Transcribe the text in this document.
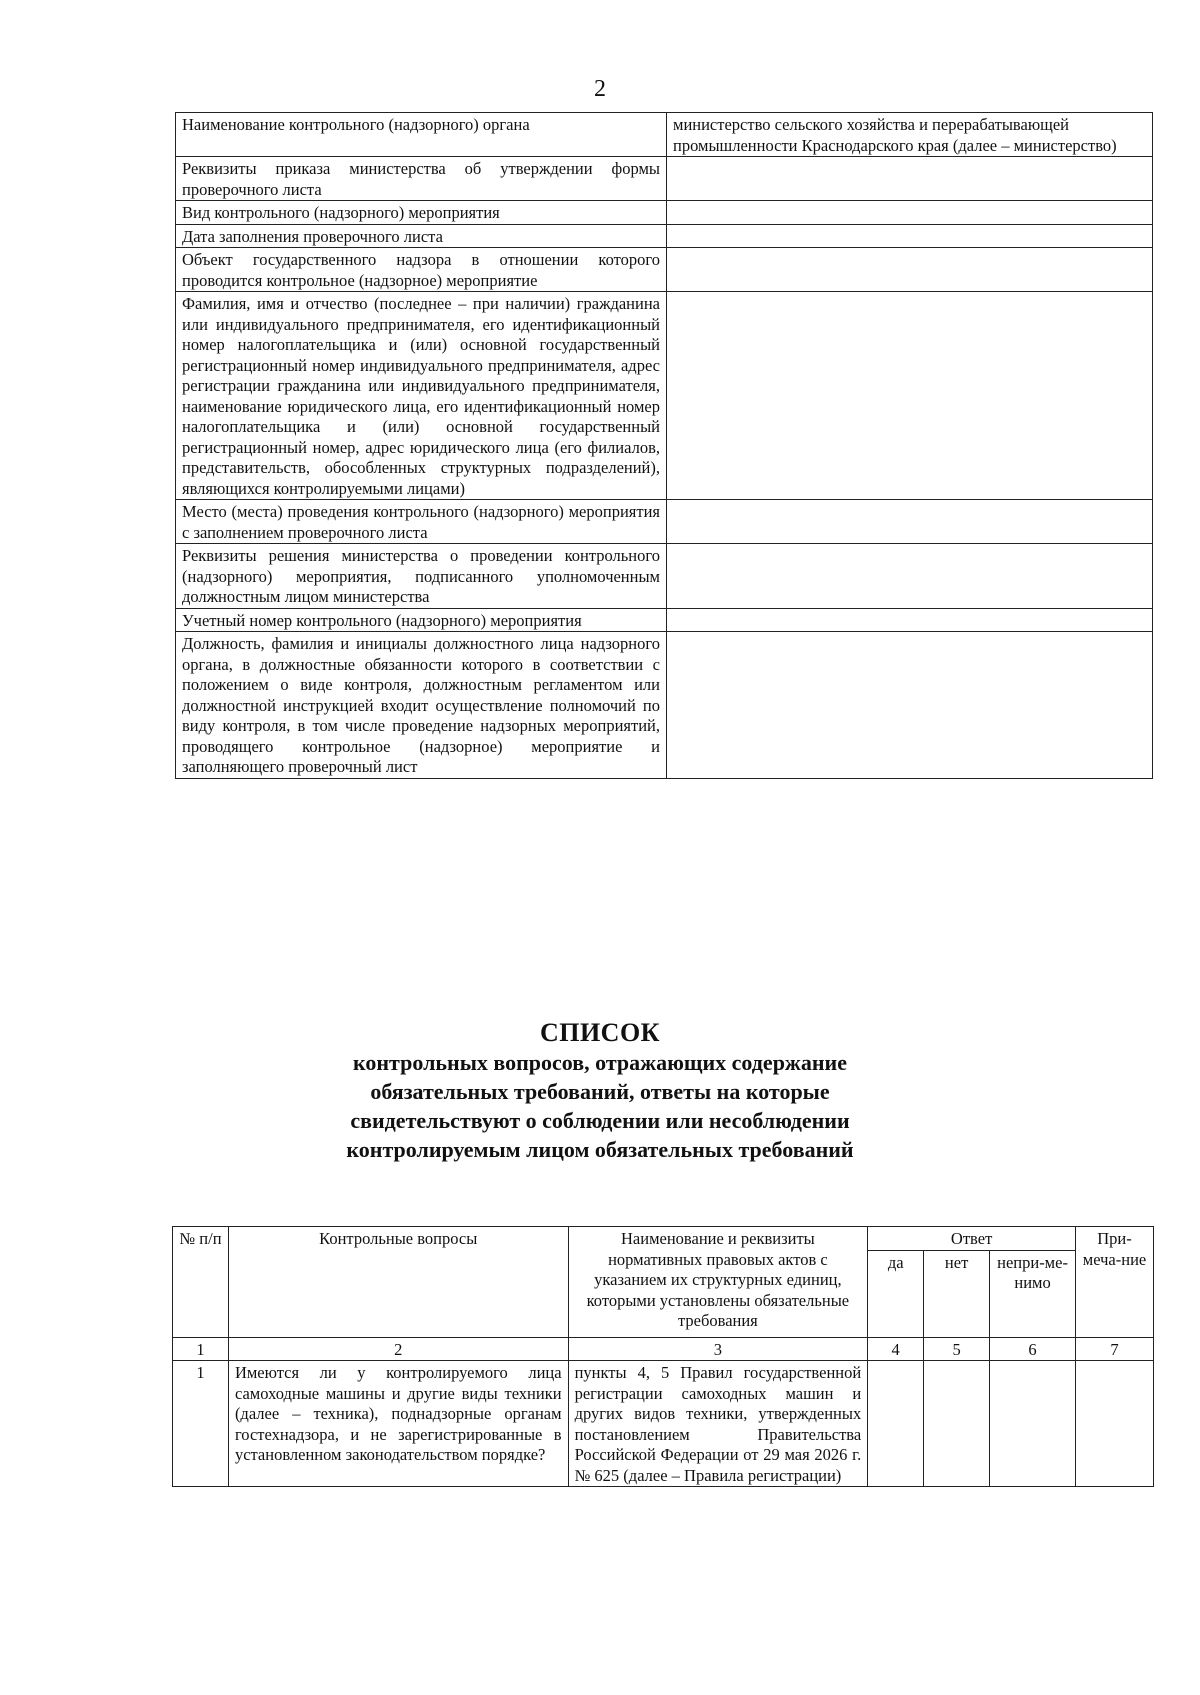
2
Наименование контрольного (надзорного) органа	министерство сельского хозяйства и перерабатывающей промышленности Краснодарского края (далее – министерство)
Реквизиты приказа министерства об утверждении формы проверочного листа	
Вид контрольного (надзорного) мероприятия	
Дата заполнения проверочного листа	
Объект государственного надзора в отношении которого проводится контрольное (надзорное) мероприятие	
Фамилия, имя и отчество (последнее – при наличии) гражданина или индивидуального предпринимателя, его идентификационный номер налогоплательщика и (или) основной государственный регистрационный номер индивидуального предпринимателя, адрес регистрации гражданина или индивидуального предпринимателя, наименование юридического лица, его идентификационный номер налогоплательщика и (или) основной государственный регистрационный номер, адрес юридического лица (его филиалов, представительств, обособленных структурных подразделений), являющихся контролируемыми лицами)	
Место (места) проведения контрольного (надзорного) мероприятия с заполнением проверочного листа	
Реквизиты решения министерства о проведении контрольного (надзорного) мероприятия, подписанного уполномоченным должностным лицом министерства	
Учетный номер контрольного (надзорного) мероприятия	
Должность, фамилия и инициалы должностного лица надзорного органа, в должностные обязанности которого в соответствии с положением о виде контроля, должностным регламентом или должностной инструкцией входит осуществление полномочий по виду контроля, в том числе проведение надзорных мероприятий, проводящего контрольное (надзорное) мероприятие и заполняющего проверочный лист	
СПИСОК
контрольных вопросов, отражающих содержание
обязательных требований, ответы на которые
свидетельствуют о соблюдении или несоблюдении
контролируемым лицом обязательных требований
№ п/п	Контрольные вопросы	Наименование и реквизиты нормативных правовых актов с указанием их структурных единиц, которыми установлены обязательные требования	Ответ			При-меча-ние
			да	нет	непри-ме-нимо	
1	2	3	4	5	6	7
1	Имеются ли у контролируемого лица самоходные машины и другие виды техники (далее – техника), поднадзорные органам гостехнадзора, и не зарегистрированные в установленном законодательством порядке?	пункты 4, 5 Правил государственной регистрации самоходных машин и других видов техники, утвержденных постановлением Правительства Российской Федерации от 29 мая 2026 г. № 625 (далее – Правила регистрации)				
